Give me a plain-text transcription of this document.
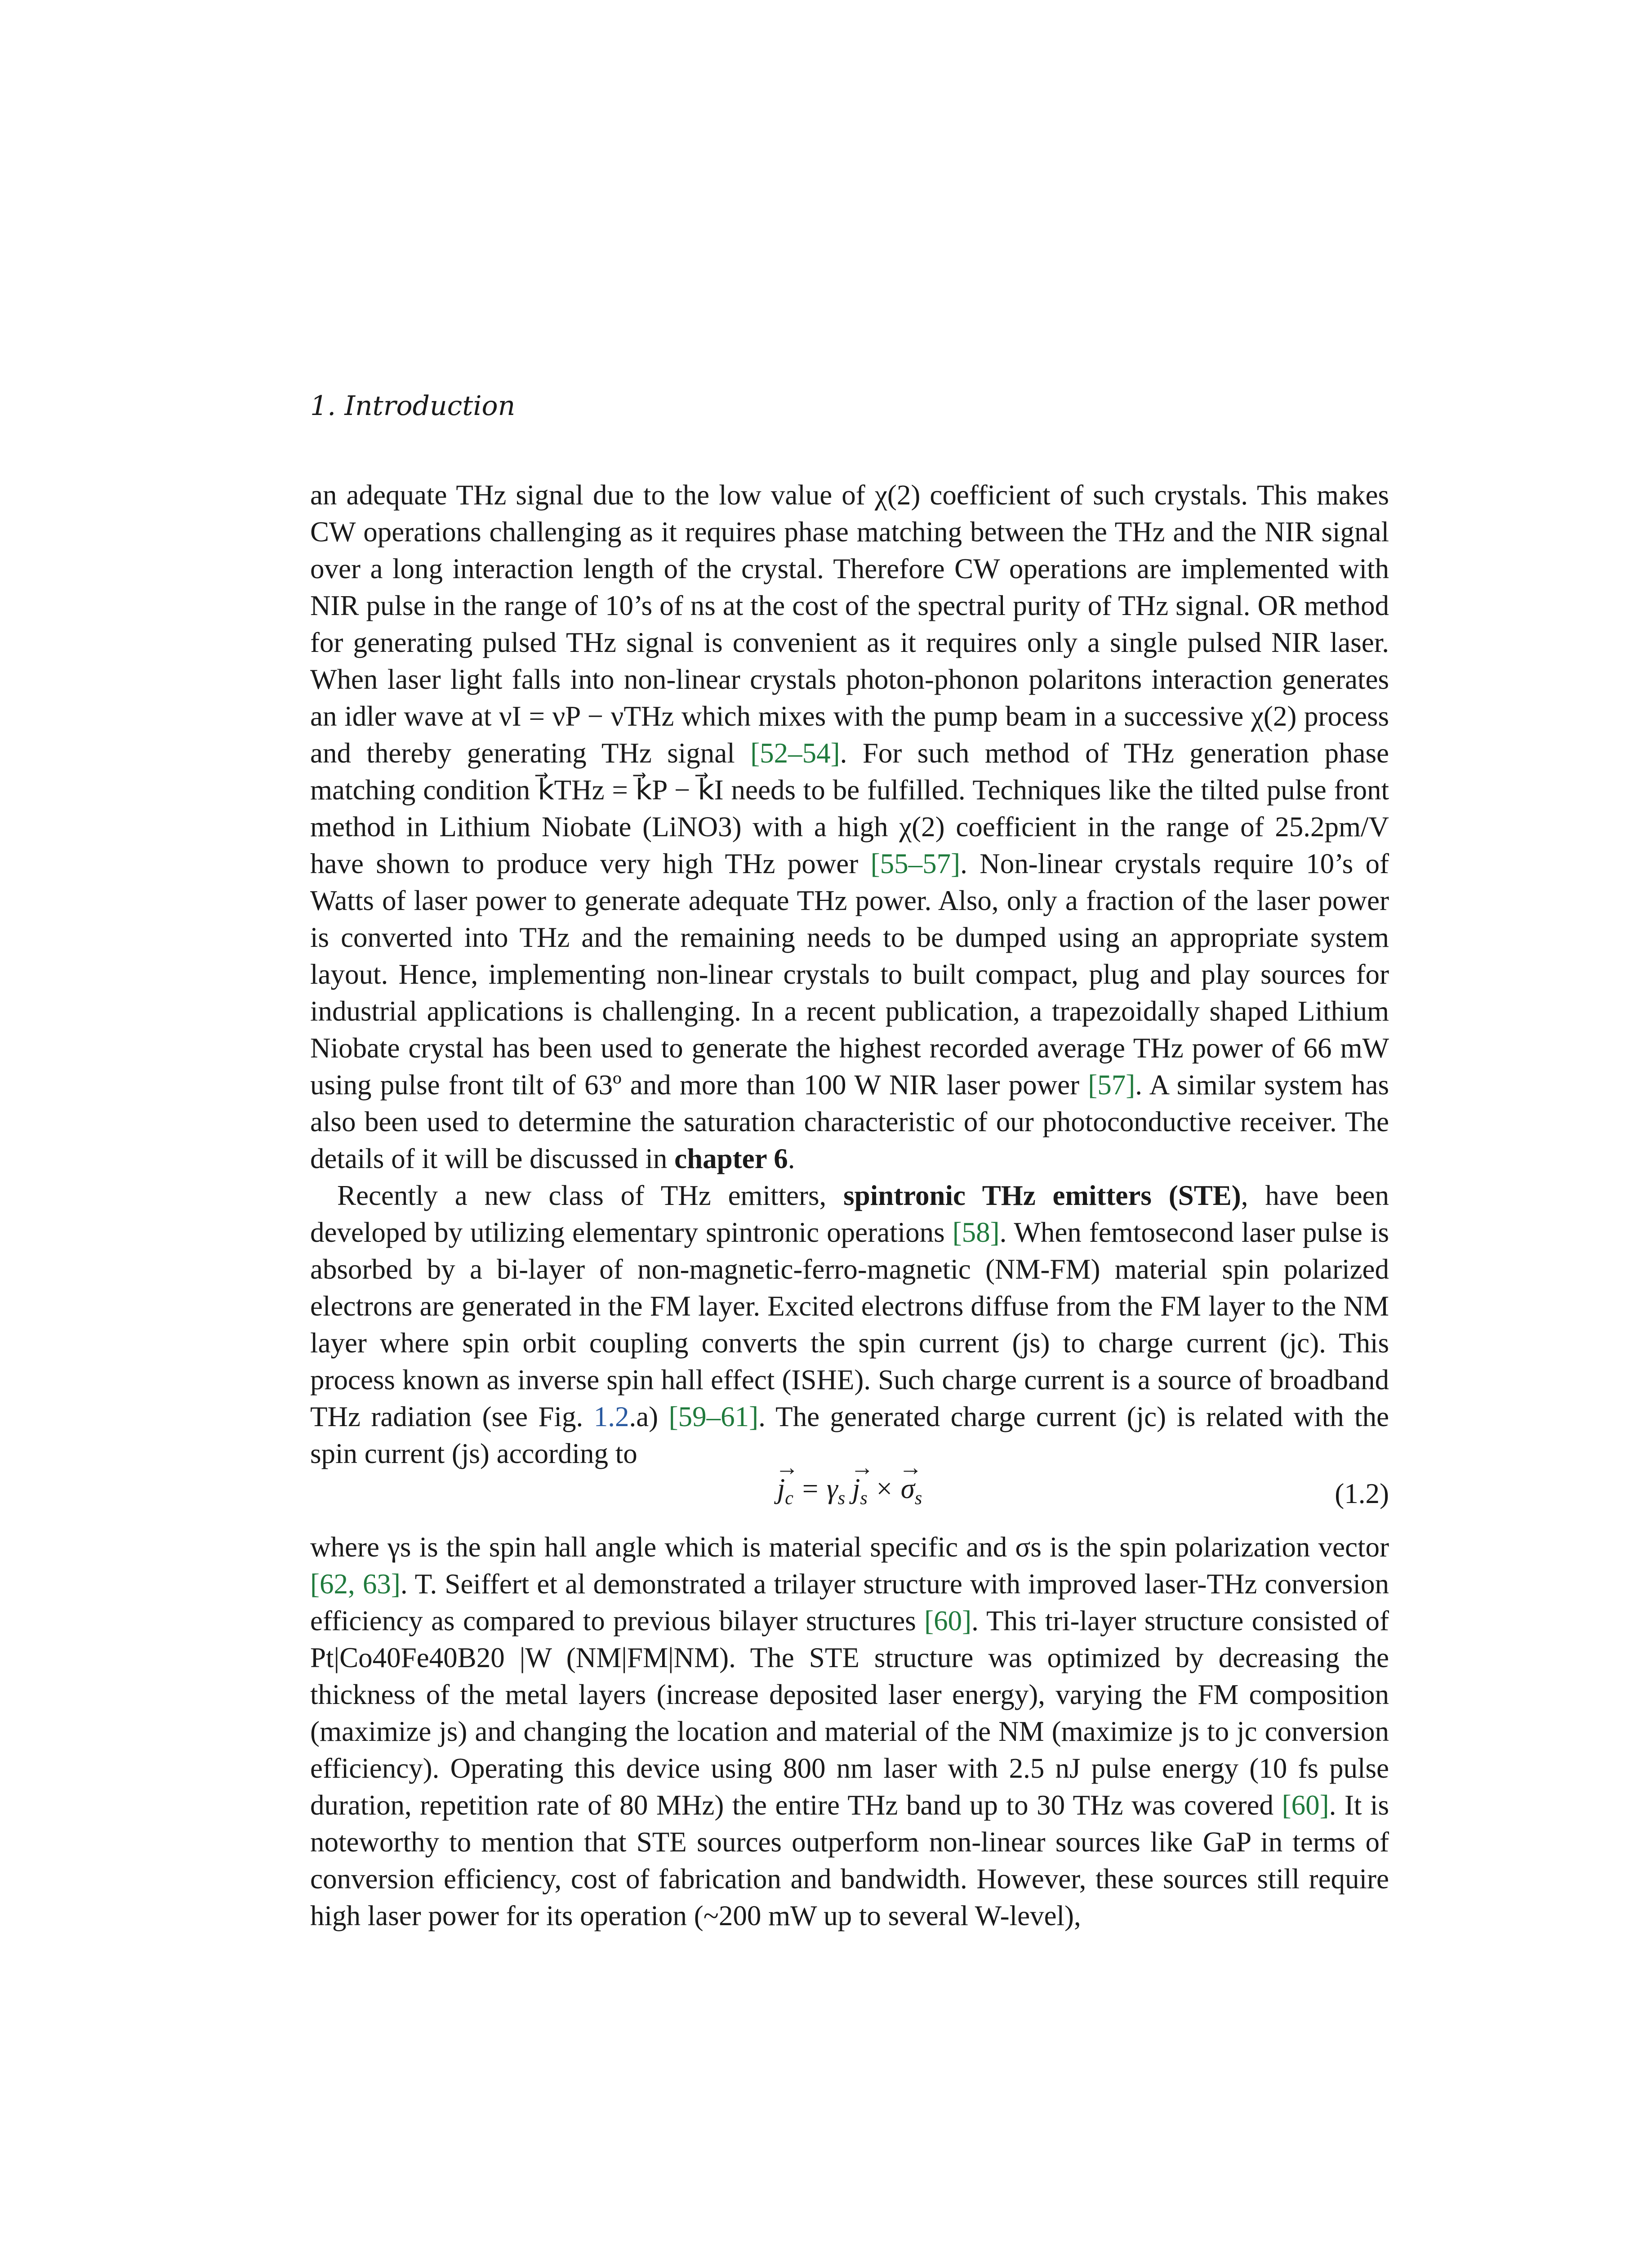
1. Introduction

an adequate THz signal due to the low value of χ(2) coefficient of such crystals. This makes CW operations challenging as it requires phase matching between the THz and the NIR signal over a long interaction length of the crystal. Therefore CW operations are implemented with NIR pulse in the range of 10’s of ns at the cost of the spectral purity of THz signal. OR method for generating pulsed THz signal is convenient as it requires only a single pulsed NIR laser. When laser light falls into non-linear crystals photon-phonon polaritons interaction generates an idler wave at νI = νP − νTHz which mixes with the pump beam in a successive χ(2) process and thereby generating THz signal [52–54]. For such method of THz generation phase matching condition k⃗THz = k⃗P − k⃗I needs to be fulfilled. Techniques like the tilted pulse front method in Lithium Niobate (LiNO3) with a high χ(2) coefficient in the range of 25.2pm/V have shown to produce very high THz power [55–57]. Non-linear crystals require 10’s of Watts of laser power to generate adequate THz power. Also, only a fraction of the laser power is converted into THz and the remaining needs to be dumped using an appropriate system layout. Hence, implementing non-linear crystals to built compact, plug and play sources for industrial applications is challenging. In a recent publication, a trapezoidally shaped Lithium Niobate crystal has been used to generate the highest recorded average THz power of 66 mW using pulse front tilt of 63º and more than 100 W NIR laser power [57]. A similar system has also been used to determine the saturation characteristic of our photoconductive receiver. The details of it will be discussed in chapter 6.

Recently a new class of THz emitters, spintronic THz emitters (STE), have been developed by utilizing elementary spintronic operations [58]. When femtosecond laser pulse is absorbed by a bi-layer of non-magnetic-ferro-magnetic (NM-FM) material spin polarized electrons are generated in the FM layer. Excited electrons diffuse from the FM layer to the NM layer where spin orbit coupling converts the spin current (js) to charge current (jc). This process known as inverse spin hall effect (ISHE). Such charge current is a source of broadband THz radiation (see Fig. 1.2.a) [59–61]. The generated charge current (jc) is related with the spin current (js) according to

→ $j_c = \gamma_s \to j_s$ × → $\sigma_s$	(1.2)

where γs is the spin hall angle which is material specific and σs is the spin polarization vector [62, 63]. T. Seiffert et al demonstrated a trilayer structure with improved laser-THz conversion efficiency as compared to previous bilayer structures [60]. This tri-layer structure consisted of Pt|Co40Fe40B20 |W (NM|FM|NM). The STE structure was optimized by decreasing the thickness of the metal layers (increase deposited laser energy), varying the FM composition (maximize js) and changing the location and material of the NM (maximize js to jc conversion efficiency). Operating this device using 800 nm laser with 2.5 nJ pulse energy (10 fs pulse duration, repetition rate of 80 MHz) the entire THz band up to 30 THz was covered [60]. It is noteworthy to mention that STE sources outperform non-linear sources like GaP in terms of conversion efficiency, cost of fabrication and bandwidth. However, these sources still require high laser power for its operation (~200 mW up to several W-level),
